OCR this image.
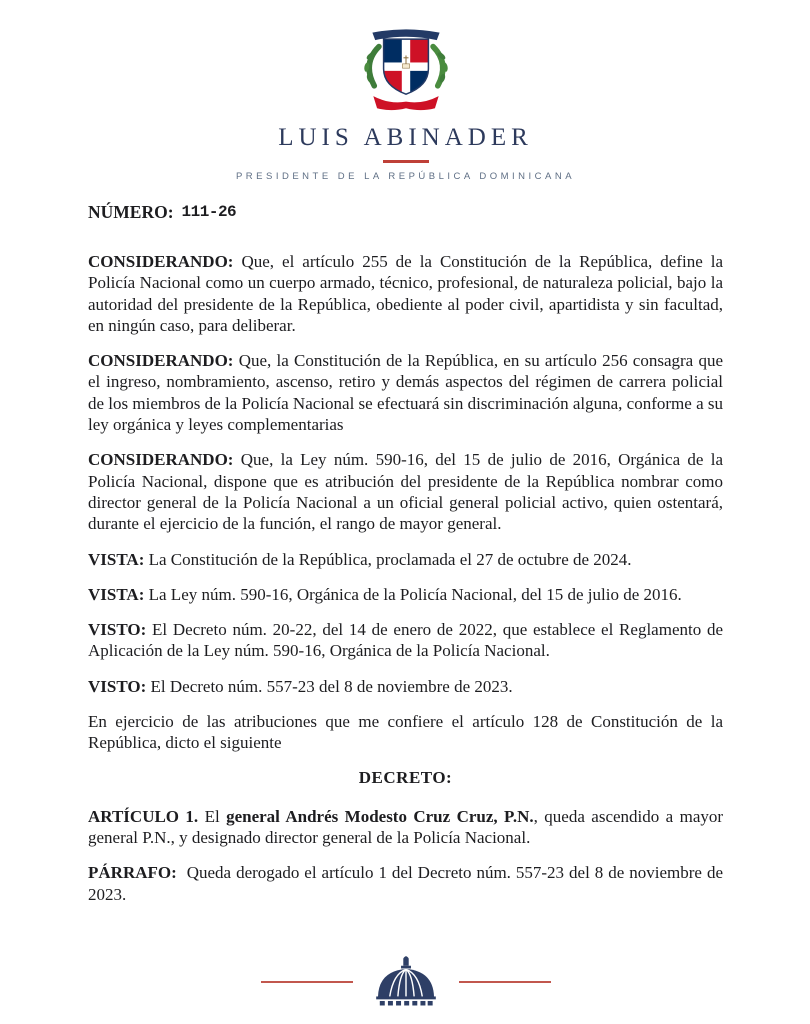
LUIS ABINADER
PRESIDENTE DE LA REPÚBLICA DOMINICANA
NÚMERO: 111-26

CONSIDERANDO: Que, el artículo 255 de la Constitución de la República, define la Policía Nacional como un cuerpo armado, técnico, profesional, de naturaleza policial, bajo la autoridad del presidente de la República, obediente al poder civil, apartidista y sin facultad, en ningún caso, para deliberar.

CONSIDERANDO: Que, la Constitución de la República, en su artículo 256 consagra que el ingreso, nombramiento, ascenso, retiro y demás aspectos del régimen de carrera policial de los miembros de la Policía Nacional se efectuará sin discriminación alguna, conforme a su ley orgánica y leyes complementarias

CONSIDERANDO: Que, la Ley núm. 590-16, del 15 de julio de 2016, Orgánica de la Policía Nacional, dispone que es atribución del presidente de la República nombrar como director general de la Policía Nacional a un oficial general policial activo, quien ostentará, durante el ejercicio de la función, el rango de mayor general.

VISTA: La Constitución de la República, proclamada el 27 de octubre de 2024.

VISTA: La Ley núm. 590-16, Orgánica de la Policía Nacional, del 15 de julio de 2016.

VISTO: El Decreto núm. 20-22, del 14 de enero de 2022, que establece el Reglamento de Aplicación de la Ley núm. 590-16, Orgánica de la Policía Nacional.

VISTO: El Decreto núm. 557-23 del 8 de noviembre de 2023.

En ejercicio de las atribuciones que me confiere el artículo 128 de Constitución de la República, dicto el siguiente

DECRETO:

ARTÍCULO 1. El general Andrés Modesto Cruz Cruz, P.N., queda ascendido a mayor general P.N., y designado director general de la Policía Nacional.

PÁRRAFO: Queda derogado el artículo 1 del Decreto núm. 557-23 del 8 de noviembre de 2023.
